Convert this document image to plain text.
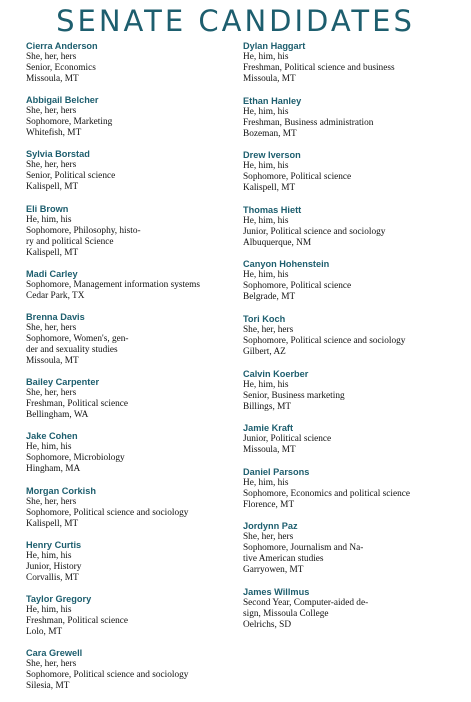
SENATE CANDIDATES
Cierra Anderson
She, her, hers
Senior, Economics
Missoula, MT
Abbigail Belcher
She, her, hers
Sophomore, Marketing
Whitefish, MT
Sylvia Borstad
She, her, hers
Senior, Political science
Kalispell, MT
Eli Brown
He, him, his
Sophomore, Philosophy, histo-
ry and political Science
Kalispell, MT
Madi Carley
Sophomore, Management information systems
Cedar Park, TX
Brenna Davis
She, her, hers
Sophomore, Women's, gen-
der and sexuality studies
Missoula, MT
Bailey Carpenter
She, her, hers
Freshman, Political science
Bellingham, WA
Jake Cohen
He, him, his
Sophomore, Microbiology
Hingham, MA
Morgan Corkish
She, her, hers
Sophomore, Political science and sociology
Kalispell, MT
Henry Curtis
He, him, his
Junior, History
Corvallis, MT
Taylor Gregory
He, him, his
Freshman, Political science
Lolo, MT
Cara Grewell
She, her, hers
Sophomore, Political science and sociology
Silesia, MT
Dylan Haggart
He, him, his
Freshman, Political science and business
Missoula, MT
Ethan Hanley
He, him, his
Freshman, Business administration
Bozeman, MT
Drew Iverson
He, him, his
Sophomore, Political science
Kalispell, MT
Thomas Hiett
He, him, his
Junior, Political science and sociology
Albuquerque, NM
Canyon Hohenstein
He, him, his
Sophomore, Political science
Belgrade, MT
Tori Koch
She, her, hers
Sophomore, Political science and sociology
Gilbert, AZ
Calvin Koerber
He, him, his
Senior, Business marketing
Billings, MT
Jamie Kraft
Junior, Political science
Missoula, MT
Daniel Parsons
He, him, his
Sophomore, Economics and political science
Florence, MT
Jordynn Paz
She, her, hers
Sophomore, Journalism and Na-
tive American studies
Garryowen, MT
James Willmus
Second Year, Computer-aided de-
sign, Missoula College
Oelrichs, SD
